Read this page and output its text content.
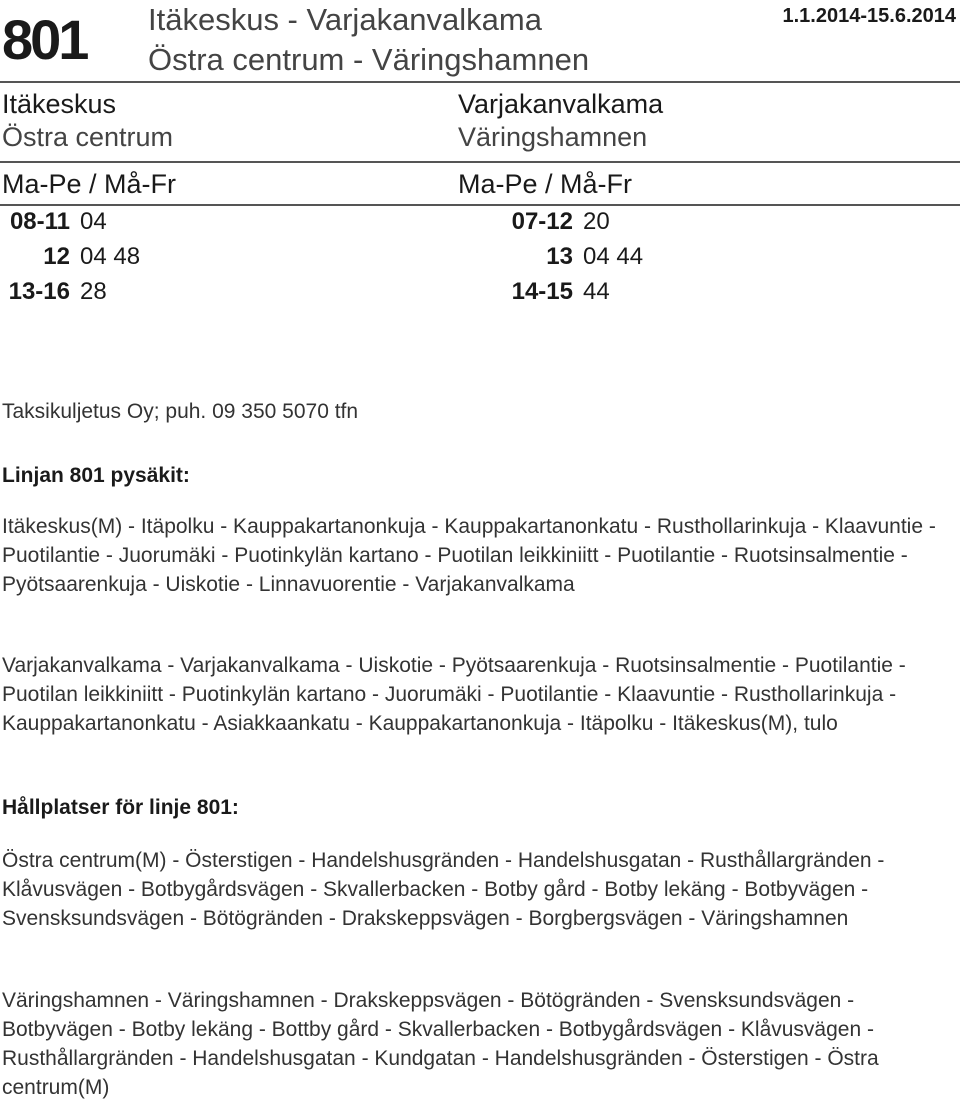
801 Itäkeskus - Varjakanvalkama
Östra centrum - Väringshamnen
1.1.2014-15.6.2014
Itäkeskus
Östra centrum
Varjakanvalkama
Väringshamnen
Ma-Pe / Må-Fr	Ma-Pe / Må-Fr
08-11 04
12 04 48
13-16 28
07-12 20
13 04 44
14-15 44
Taksikuljetus Oy; puh. 09 350 5070 tfn
Linjan 801 pysäkit:
Itäkeskus(M) - Itäpolku - Kauppakartanonkuja - Kauppakartanonkatu - Rusthollarinkuja - Klaavuntie - Puotilantie - Juorumäki - Puotinkylän kartano - Puotilan leikkiniitt - Puotilantie - Ruotsinsalmentie - Pyötsaarenkuja - Uiskotie - Linnavuorentie - Varjakanvalkama
Varjakanvalkama - Varjakanvalkama - Uiskotie - Pyötsaarenkuja - Ruotsinsalmentie - Puotilantie - Puotilan leikkiniitt - Puotinkylän kartano - Juorumäki - Puotilantie - Klaavuntie - Rusthollarinkuja - Kauppakartanonkatu - Asiakkaankatu - Kauppakartanonkuja - Itäpolku - Itäkeskus(M), tulo
Hållplatser för linje 801:
Östra centrum(M) - Österstigen - Handelshusgränden - Handelshusgatan - Rusthållargränden - Klåvusvägen - Botbygårdsvägen - Skvallerbacken - Botby gård - Botby lekäng - Botbyvägen - Svensksundsvägen - Bötögränden - Drakskeppsvägen - Borgbergsvägen - Väringshamnen
Väringshamnen - Väringshamnen - Drakskeppsvägen - Bötögränden - Svensksundsvägen - Botbyvägen - Botby lekäng - Bottby gård - Skvallerbacken - Botbygårdsvägen - Klåvusvägen - Rusthållargränden - Handelshusgatan - Kundgatan - Handelshusgränden - Österstigen - Östra centrum(M)
